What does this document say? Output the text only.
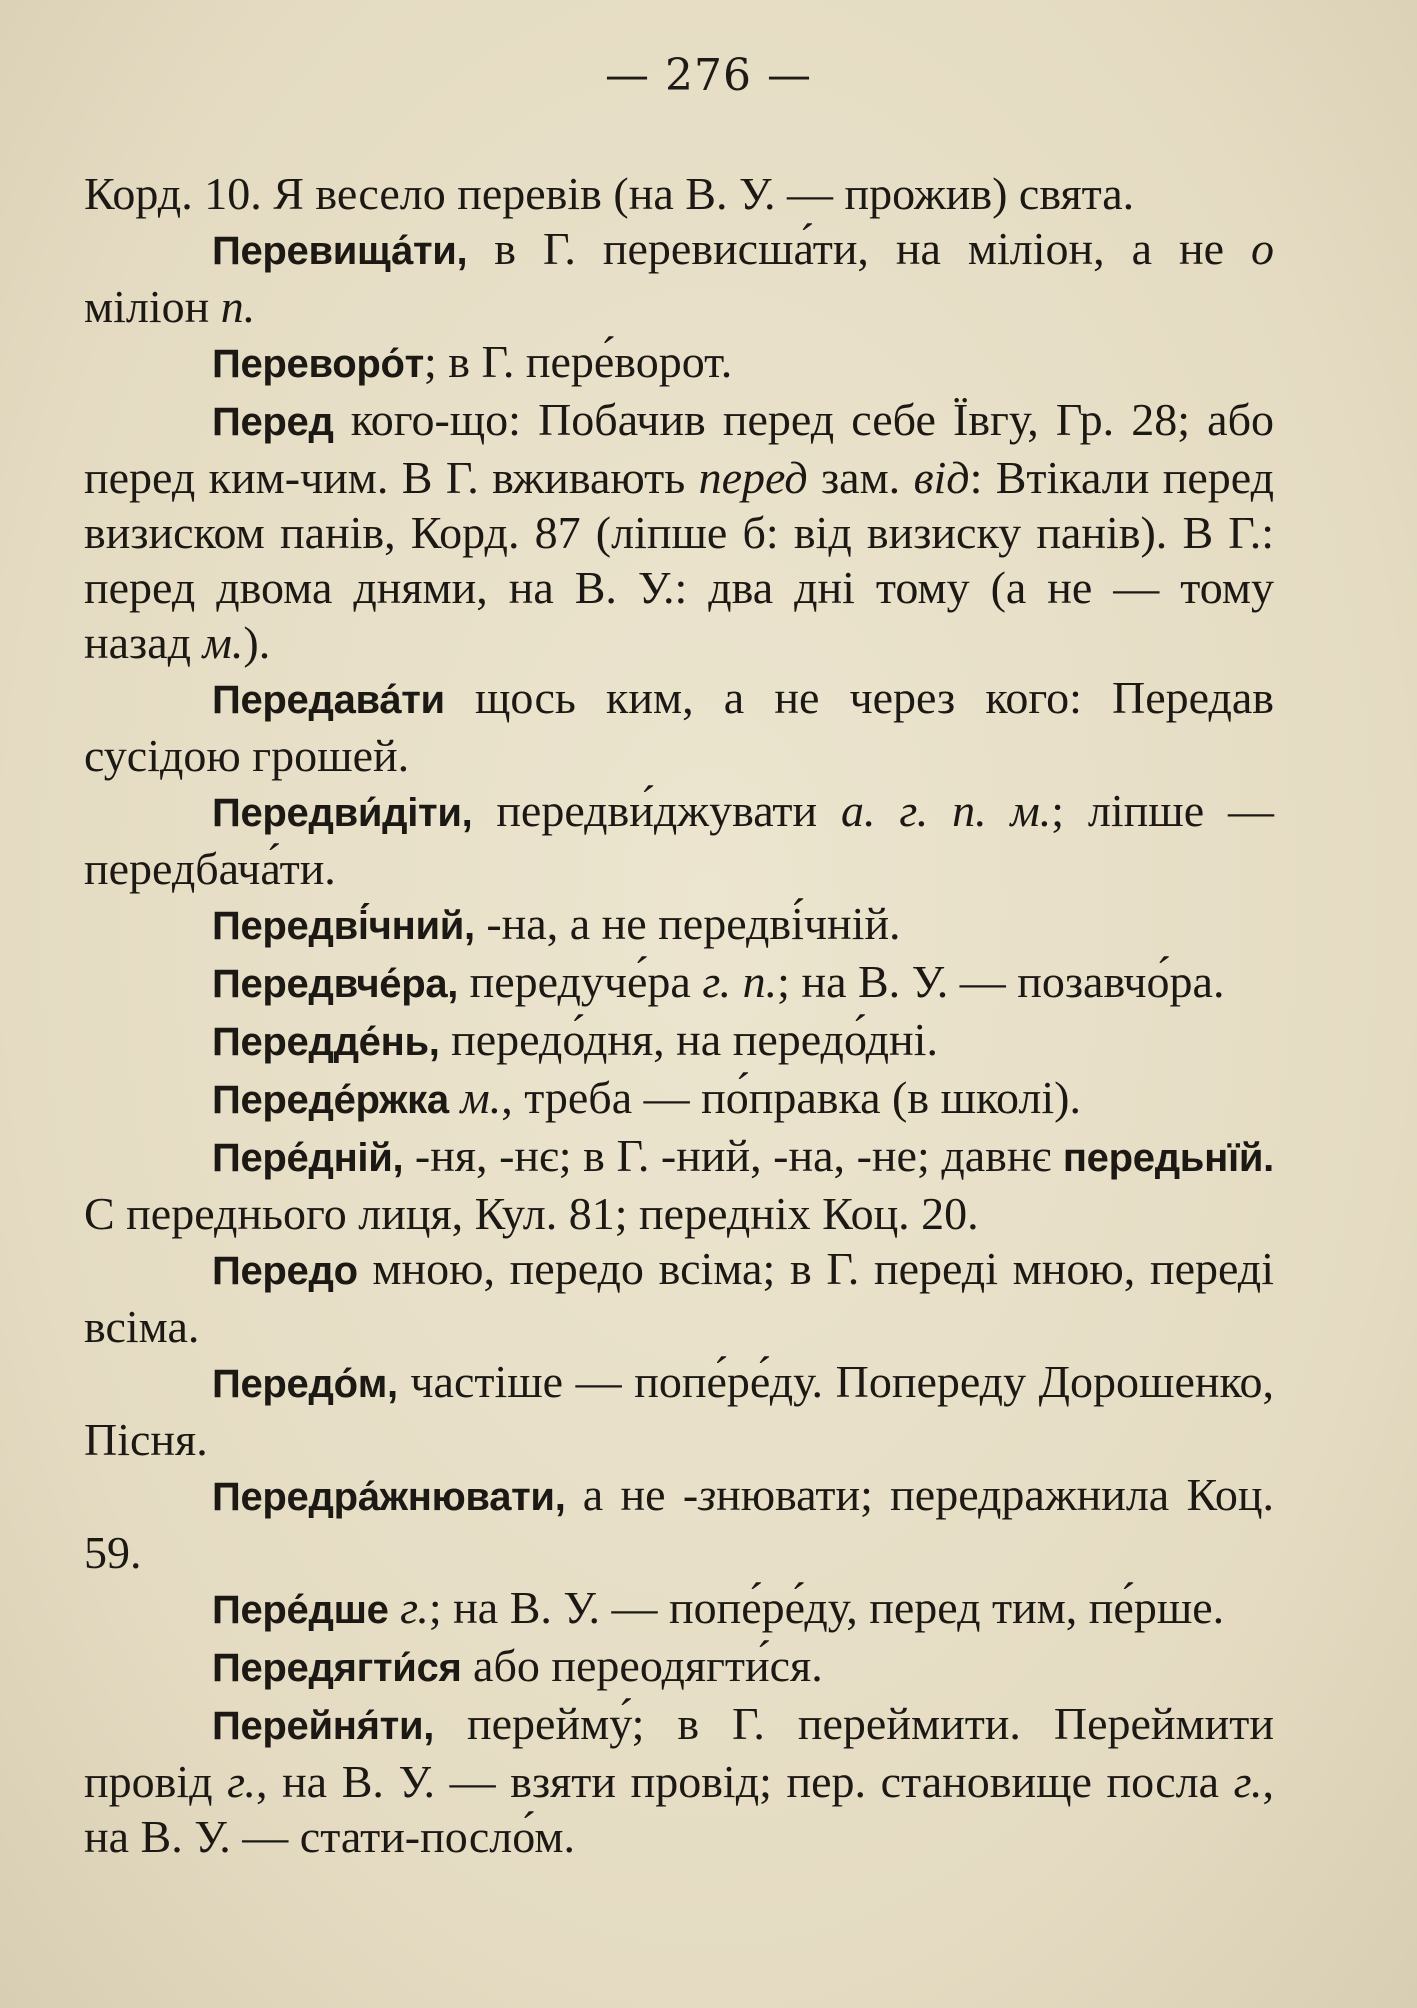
— 276 —

Корд. 10. Я весело перевів (на В. У. — прожив) свята.

Перевища́ти, в Г. перевисша́ти, на міліон, а не о міліон п.

Переворо́т; в Г. пере́ворот.

Перед кого-що: Побачив перед себе Ївгу, Гр. 28; або перед ким-чим. В Г. вживають перед зам. від: Втікали перед визиском панів, Корд. 87 (ліпше б: від визиску панів). В Г.: перед двома днями, на В. У.: два дні тому (а не — тому назад м.).

Передава́ти щось ким, а не через кого: Передав сусідою грошей.

Передви́діти, передви́джувати а. г. п. м.; ліпше — передбача́ти.

Передві́чний, -на, а не передві́чній.

Передвче́ра, передуче́ра г. п.; на В. У. — позавчо́ра.

Передде́нь, передо́дня, на передо́дні.

Переде́ржка м., треба — по́правка (в школі).

Пере́дній, -ня, -нє; в Г. -ний, -на, -не; давнє передьнїй. С переднього лиця, Кул. 81; передніх Коц. 20.

Передо мною, передо всіма; в Г. переді мною, переді всіма.

Передо́м, частіше — попе́ре́ду. Попереду Дорошенко, Пісня.

Передра́жнювати, а не -знювати; передражнила Коц. 59.

Пере́дше г.; на В. У. — попе́ре́ду, перед тим, пе́рше.

Передягти́ся або переодягти́ся.

Перейня́ти, перейму́; в Г. переймити. Переймити провід г., на В. У. — взяти провід; пер. становище посла г., на В. У. — стати-посло́м.
